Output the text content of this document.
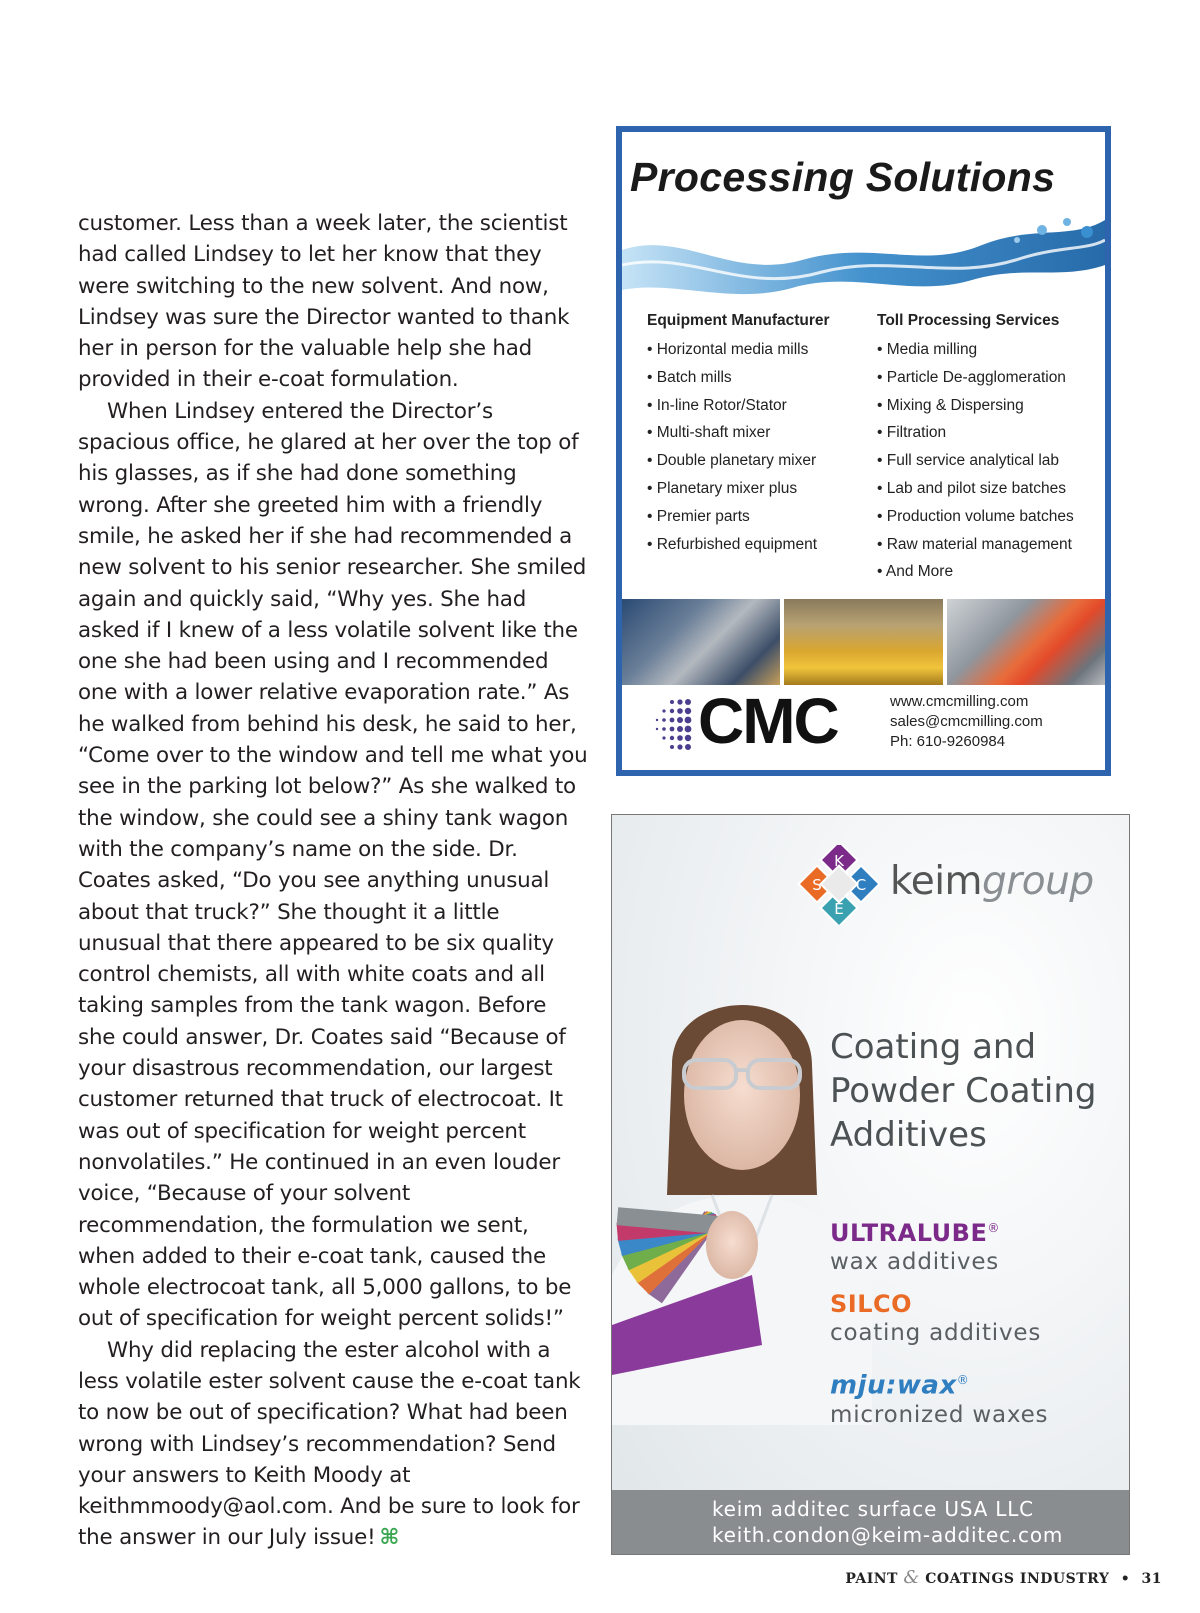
customer. Less than a week later, the scientist had called Lindsey to let her know that they were switching to the new solvent. And now, Lindsey was sure the Director wanted to thank her in person for the valuable help she had provided in their e-coat formulation.

When Lindsey entered the Director’s spacious office, he glared at her over the top of his glasses, as if she had done something wrong. After she greeted him with a friendly smile, he asked her if she had recommended a new solvent to his senior researcher. She smiled again and quickly said, “Why yes. She had asked if I knew of a less volatile solvent like the one she had been using and I recommended one with a lower relative evaporation rate.” As he walked from behind his desk, he said to her, “Come over to the window and tell me what you see in the parking lot below?” As she walked to the window, she could see a shiny tank wagon with the company’s name on the side. Dr. Coates asked, “Do you see anything unusual about that truck?” She thought it a little unusual that there appeared to be six quality control chemists, all with white coats and all taking samples from the tank wagon. Before she could answer, Dr. Coates said “Because of your disastrous recommendation, our largest customer returned that truck of electrocoat. It was out of specification for weight percent nonvolatiles.” He continued in an even louder voice, “Because of your solvent recommendation, the formulation we sent, when added to their e-coat tank, caused the whole electrocoat tank, all 5,000 gallons, to be out of specification for weight percent solids!”

Why did replacing the ester alcohol with a less volatile ester solvent cause the e-coat tank to now be out of specification? What had been wrong with Lindsey’s recommendation? Send your answers to Keith Moody at keithmmoody@aol.com. And be sure to look for the answer in our July issue! ⌘

Processing Solutions
Equipment Manufacturer
• Horizontal media mills
• Batch mills
• In-line Rotor/Stator
• Multi-shaft mixer
• Double planetary mixer
• Planetary mixer plus
• Premier parts
• Refurbished equipment
Toll Processing Services
• Media milling
• Particle De-agglomeration
• Mixing & Dispersing
• Filtration
• Full service analytical lab
• Lab and pilot size batches
• Production volume batches
• Raw material management
• And More
CMC	www.cmcmilling.com
sales@cmcmilling.com
Ph: 610-9260984
K
S C
E
keimgroup
Coating and Powder Coating Additives
ULTRALUBE®
wax additives
SILCO
coating additives
mju:wax®
micronized waxes
keim additec surface USA LLC
keith.condon@keim-additec.com
PAINT & COATINGS INDUSTRY • 31
